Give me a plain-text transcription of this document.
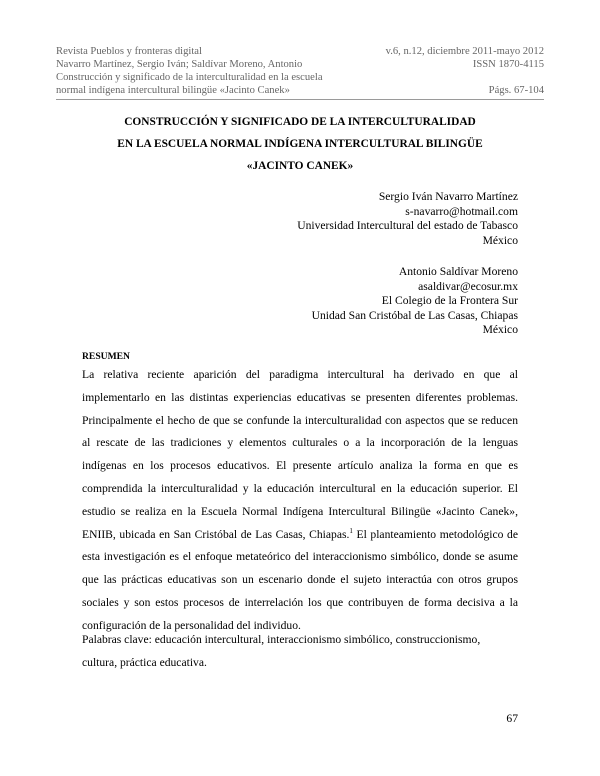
Revista Pueblos y fronteras digital	v.6, n.12, diciembre 2011-mayo 2012
Navarro Martínez, Sergio Iván; Saldívar Moreno, Antonio	ISSN 1870-4115
Construcción y significado de la interculturalidad en la escuela
normal indígena intercultural bilingüe «Jacinto Canek»	Págs. 67-104
CONSTRUCCIÓN Y SIGNIFICADO DE LA INTERCULTURALIDAD
EN LA ESCUELA NORMAL INDÍGENA INTERCULTURAL BILINGÜE
«JACINTO CANEK»
Sergio Iván Navarro Martínez
s-navarro@hotmail.com
Universidad Intercultural del estado de Tabasco
México
Antonio Saldívar Moreno
asaldivar@ecosur.mx
El Colegio de la Frontera Sur
Unidad San Cristóbal de Las Casas, Chiapas
México
RESUMEN
La relativa reciente aparición del paradigma intercultural ha derivado en que al implementarlo en las distintas experiencias educativas se presenten diferentes problemas. Principalmente el hecho de que se confunde la interculturalidad con aspectos que se reducen al rescate de las tradiciones y elementos culturales o a la incorporación de la lenguas indígenas en los procesos educativos. El presente artículo analiza la forma en que es comprendida la interculturalidad y la educación intercultural en la educación superior. El estudio se realiza en la Escuela Normal Indígena Intercultural Bilingüe «Jacinto Canek», ENIIB, ubicada en San Cristóbal de Las Casas, Chiapas.$^1$ El planteamiento metodológico de esta investigación es el enfoque metateórico del interaccionismo simbólico, donde se asume que las prácticas educativas son un escenario donde el sujeto interactúa con otros grupos sociales y son estos procesos de interrelación los que contribuyen de forma decisiva a la configuración de la personalidad del individuo.
Palabras clave: educación intercultural, interaccionismo simbólico, construccionismo, cultura, práctica educativa.
67
